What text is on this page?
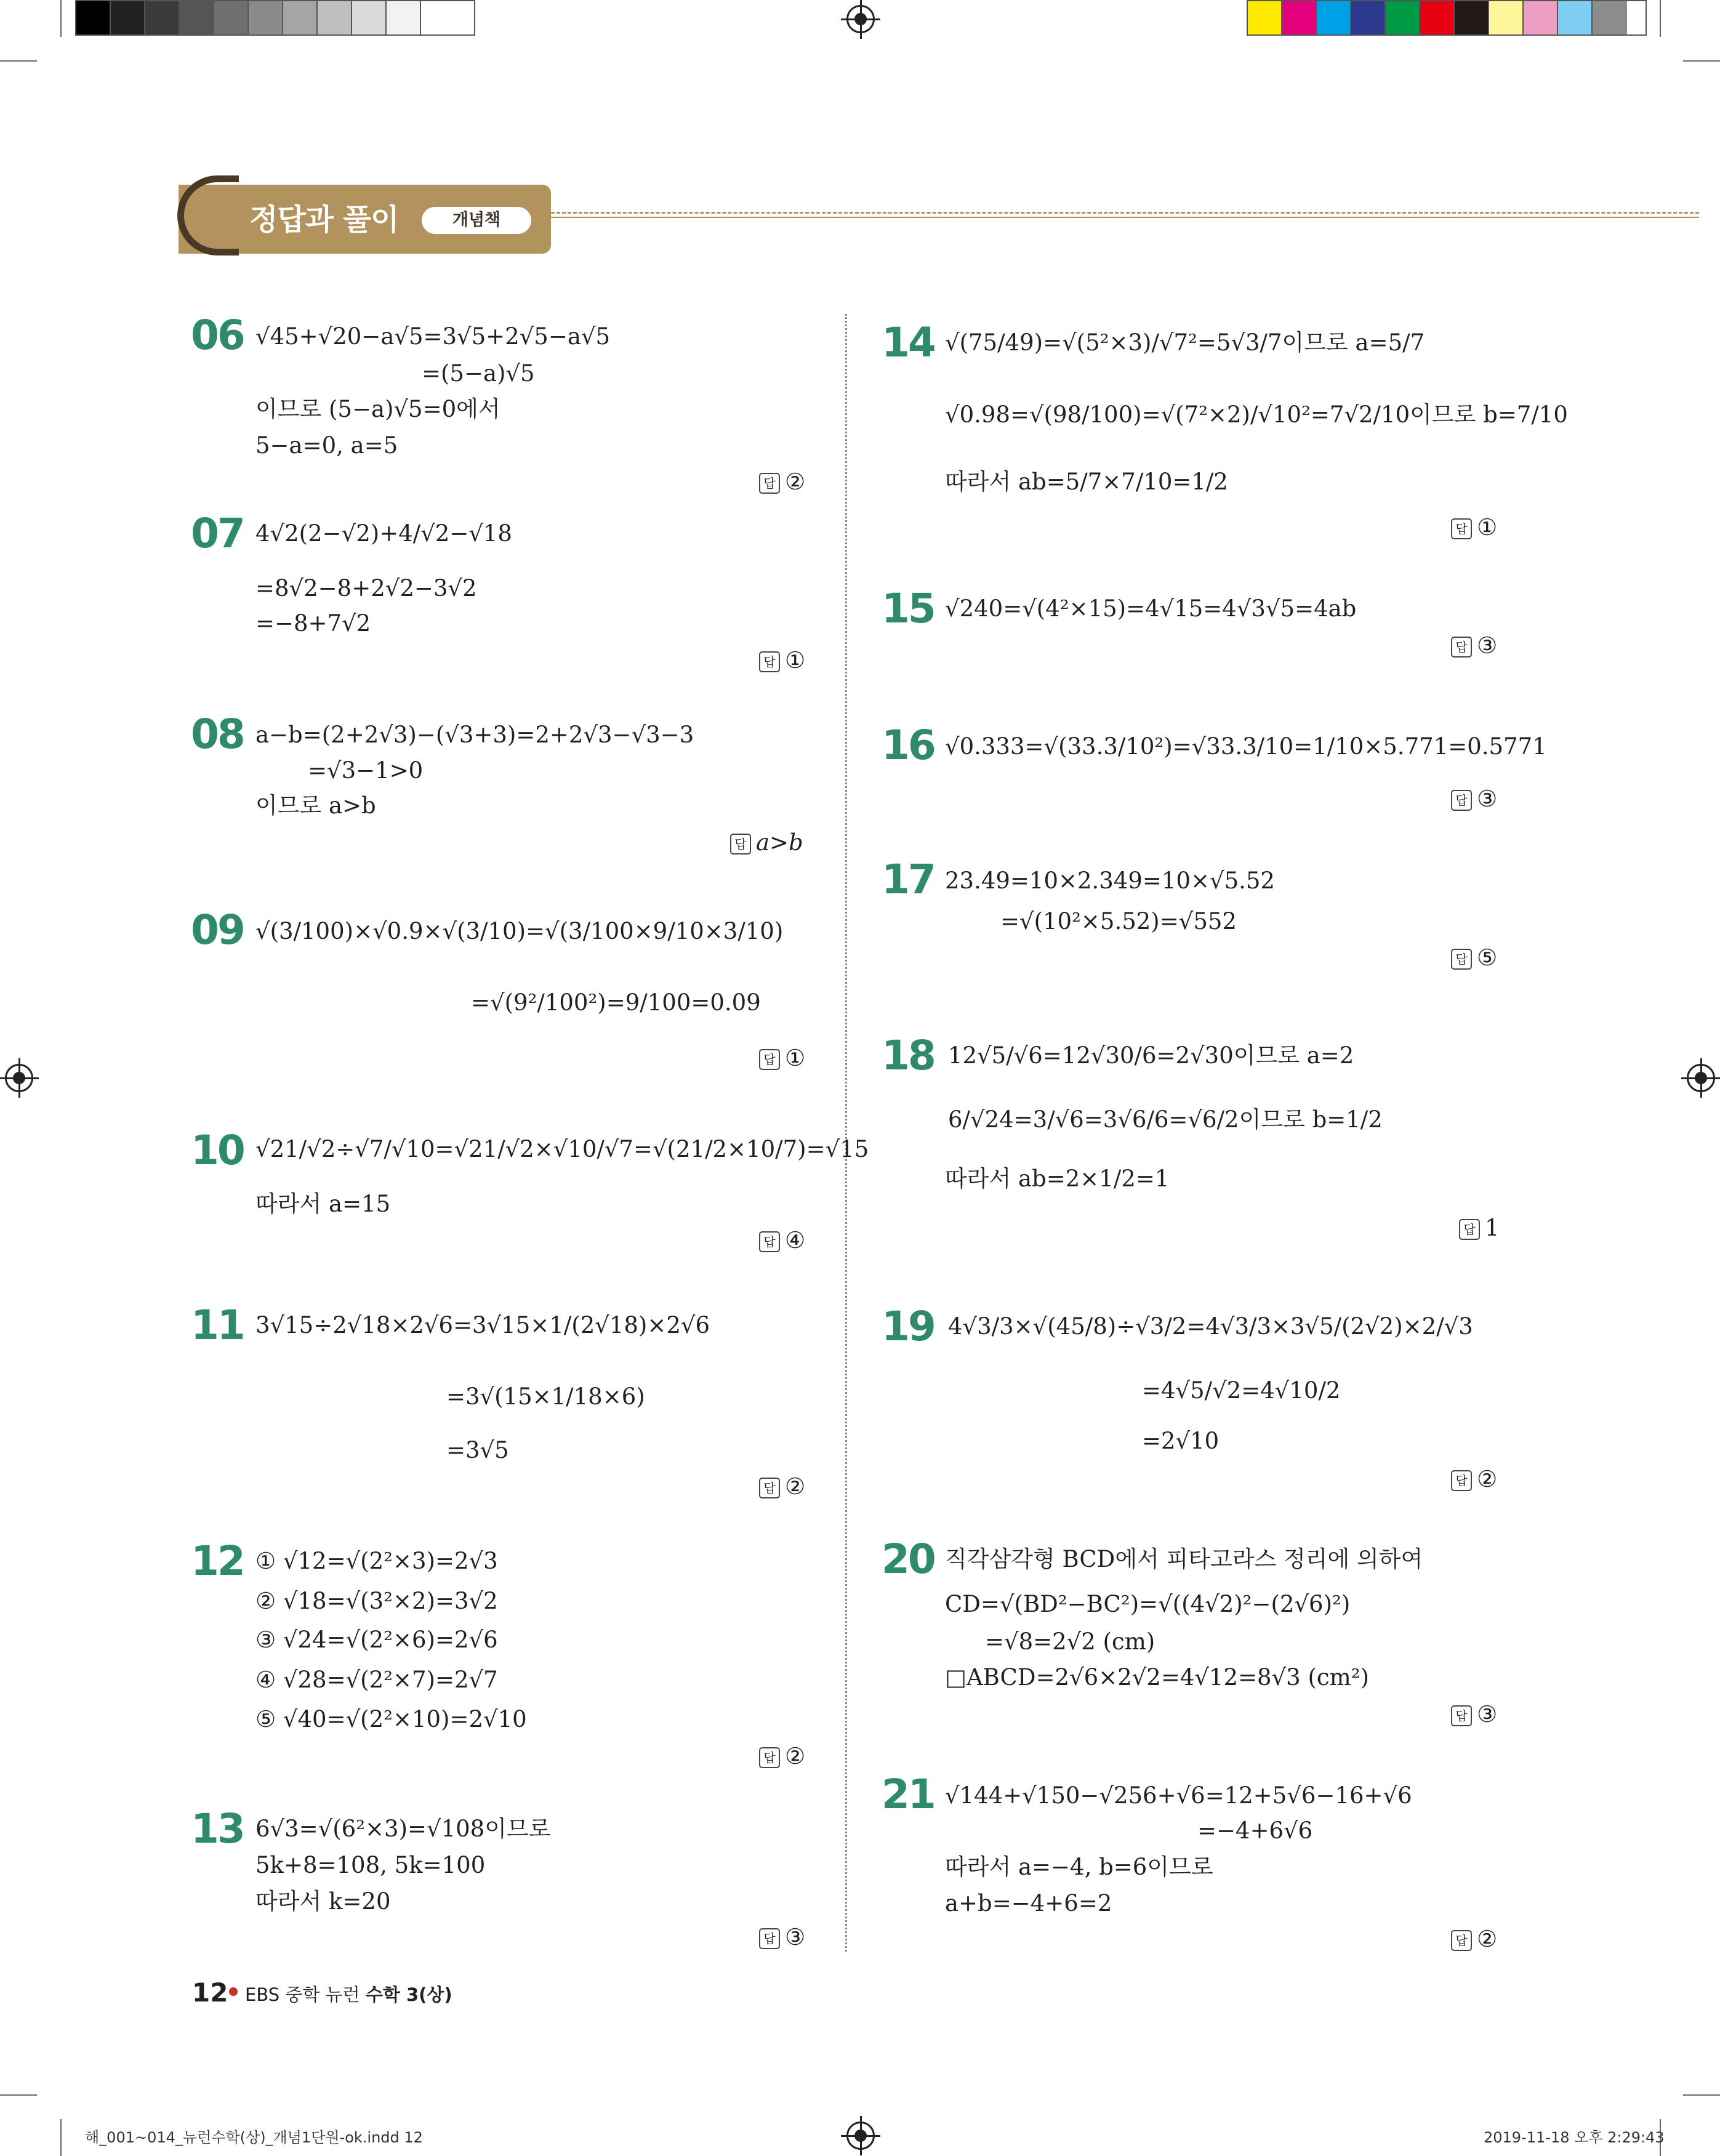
정답과 풀이	개념책
06 √45+√20−a√5=3√5+2√5−a√5
=(5−a)√5
이므로 (5−a)√5=0에서
5−a=0, a=5
답 ②
07 4√2(2−√2)+4/√2−√18
=8√2−8+2√2−3√2
=−8+7√2
답 ①
08 a−b=(2+2√3)−(√3+3)=2+2√3−√3−3
=√3−1>0
이므로 a>b
답 a>b
09 √(3/100)×√0.9×√(3/10)=√(3/100×9/10×3/10)
=√(9²/100²)=9/100=0.09
답 ①
10 √21/√2÷√7/√10=√21/√2×√10/√7=√(21/2×10/7)=√15
따라서 a=15
답 ④
11 3√15÷2√18×2√6=3√15×1/(2√18)×2√6
=3√(15×1/18×6)
=3√5
답 ②
12 ① √12=√(2²×3)=2√3
② √18=√(3²×2)=3√2
③ √24=√(2²×6)=2√6
④ √28=√(2²×7)=2√7
⑤ √40=√(2²×10)=2√10
답 ②
13 6√3=√(6²×3)=√108이므로
5k+8=108, 5k=100
따라서 k=20
답 ③
14 √(75/49)=√(5²×3)/√7²=5√3/7이므로 a=5/7
√0.98=√(98/100)=√(7²×2)/√10²=7√2/10이므로 b=7/10
따라서 ab=5/7×7/10=1/2
답 ①
15 √240=√(4²×15)=4√15=4√3√5=4ab
답 ③
16 √0.333=√(33.3/10²)=√33.3/10=1/10×5.771=0.5771
답 ③
17 23.49=10×2.349=10×√5.52
=√(10²×5.52)=√552
답 ⑤
18 12√5/√6=12√30/6=2√30이므로 a=2
6/√24=3/√6=3√6/6=√6/2이므로 b=1/2
따라서 ab=2×1/2=1
답 1
19 4√3/3×√(45/8)÷√3/2=4√3/3×3√5/(2√2)×2/√3
=4√5/√2=4√10/2
=2√10
답 ②
20 직각삼각형 BCD에서 피타고라스 정리에 의하여
CD=√(BD²−BC²)=√((4√2)²−(2√6)²)
=√8=2√2 (cm)
□ABCD=2√6×2√2=4√12=8√3 (cm²)
답 ③
21 √144+√150−√256+√6=12+5√6−16+√6
=−4+6√6
따라서 a=−4, b=6이므로
a+b=−4+6=2
답 ②
12 EBS 중학 뉴런 수학 3(상)
해_001~014_뉴런수학(상)_개념1단원-ok.indd 12	2019-11-18 오후 2:29:43
